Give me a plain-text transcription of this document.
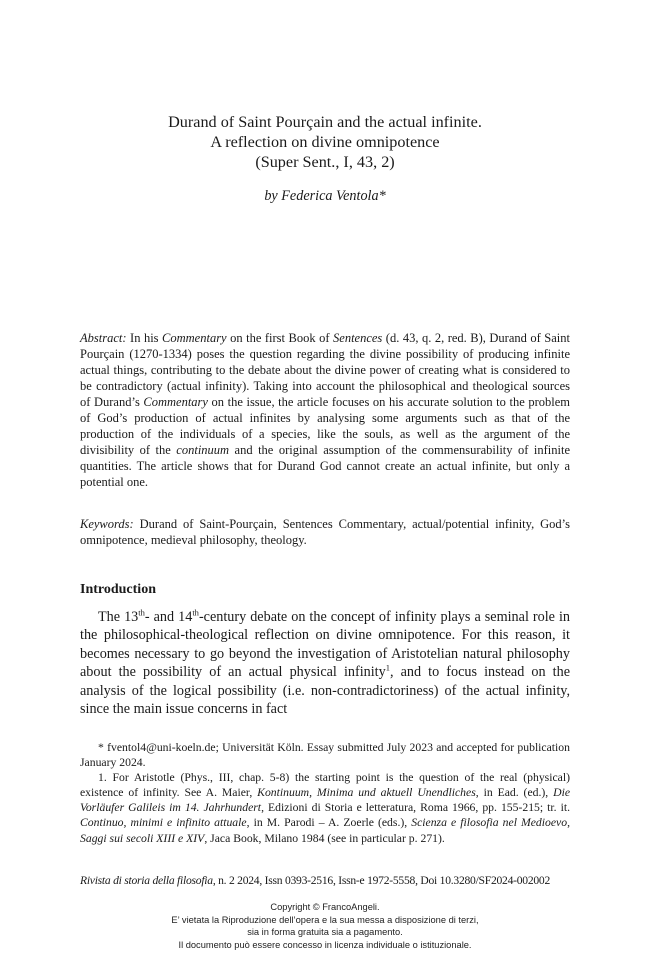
Durand of Saint Pourçain and the actual infinite.
A reflection on divine omnipotence
(Super Sent., I, 43, 2)
by Federica Ventola*
Abstract: In his Commentary on the first Book of Sentences (d. 43, q. 2, red. B), Durand of Saint Pourçain (1270-1334) poses the question regarding the divine possibility of producing infinite actual things, contributing to the debate about the divine power of creating what is considered to be contradictory (actual infinity). Taking into account the philosophical and theological sources of Durand’s Commentary on the issue, the article focuses on his accurate solution to the problem of God’s production of actual infinites by analysing some arguments such as that of the production of the individuals of a species, like the souls, as well as the argument of the divisibility of the continuum and the original assumption of the commensurability of infinite quantities. The article shows that for Durand God cannot create an actual infinite, but only a potential one.
Keywords: Durand of Saint-Pourçain, Sentences Commentary, actual/potential infinity, God’s omnipotence, medieval philosophy, theology.
Introduction

The 13th- and 14th-century debate on the concept of infinity plays a seminal role in the philosophical-theological reflection on divine omnipotence. For this reason, it becomes necessary to go beyond the investigation of Aristotelian natural philosophy about the possibility of an actual physical infinity$^1$, and to focus instead on the analysis of the logical possibility (i.e. non-contradictoriness) of the actual infinity, since the main issue concerns in fact

* fventol4@uni-koeln.de; Universität Köln. Essay submitted July 2023 and accepted for publication January 2024.

1. For Aristotle (Phys., III, chap. 5-8) the starting point is the question of the real (physical) existence of infinity. See A. Maier, Kontinuum, Minima und aktuell Unendliches, in Ead. (ed.), Die Vorläufer Galileis im 14. Jahrhundert, Edizioni di Storia e letteratura, Roma 1966, pp. 155-215; tr. it. Continuo, minimi e infinito attuale, in M. Parodi – A. Zoerle (eds.), Scienza e filosofia nel Medioevo, Saggi sui secoli XIII e XIV, Jaca Book, Milano 1984 (see in particular p. 271).

Rivista di storia della filosofia, n. 2 2024, Issn 0393-2516, Issn-e 1972-5558, Doi 10.3280/SF2024-002002
Copyright © FrancoAngeli.
E’ vietata la Riproduzione dell’opera e la sua messa a disposizione di terzi,
sia in forma gratuita sia a pagamento.
Il documento può essere concesso in licenza individuale o istituzionale.
